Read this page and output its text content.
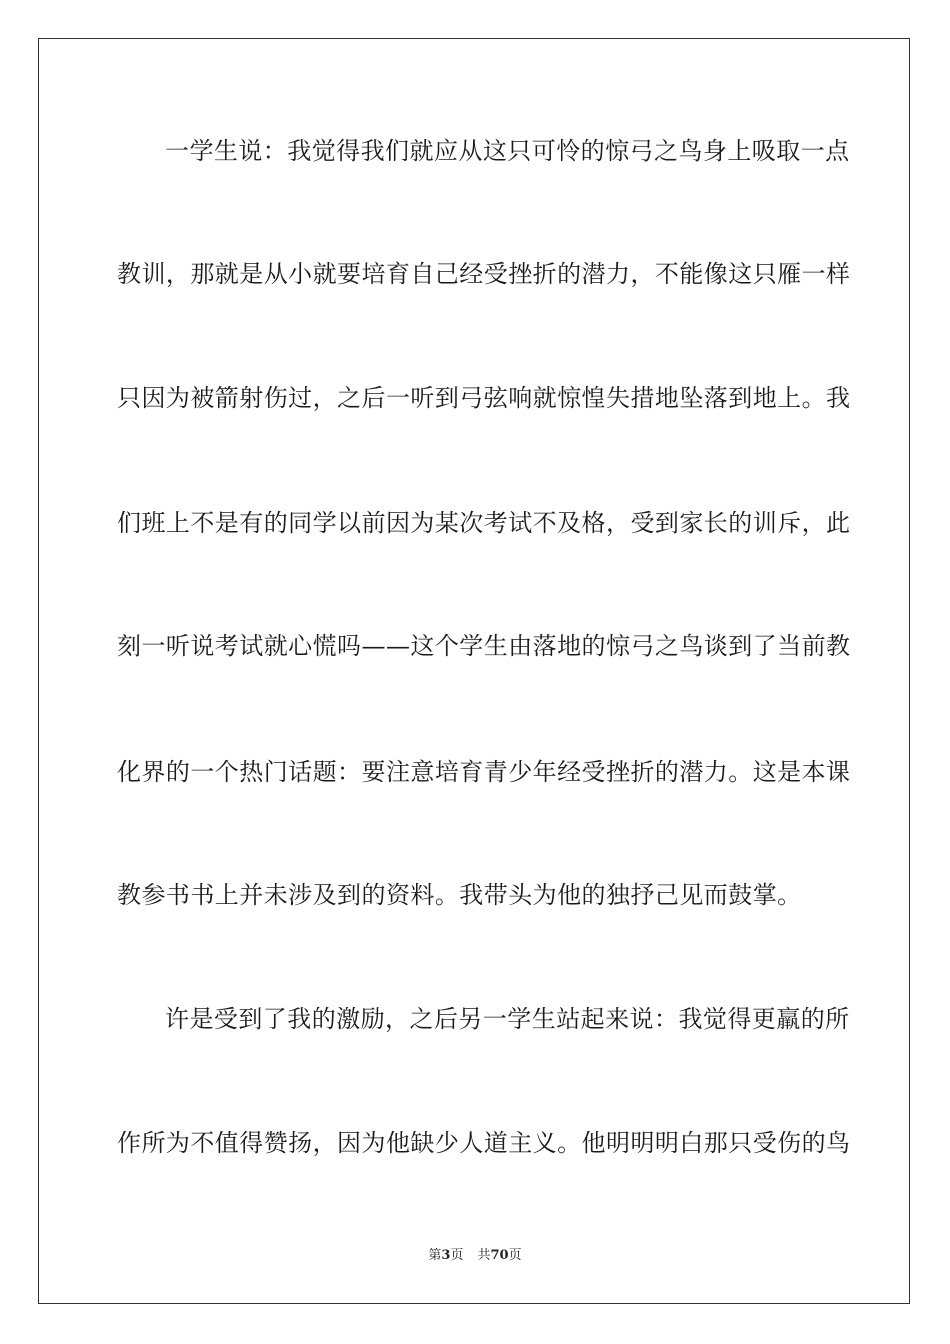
一学生说：我觉得我们就应从这只可怜的惊弓之鸟身上吸取一点

教训，那就是从小就要培育自己经受挫折的潜力，不能像这只雁一样

只因为被箭射伤过，之后一听到弓弦响就惊惶失措地坠落到地上。我

们班上不是有的同学以前因为某次考试不及格，受到家长的训斥，此

刻一听说考试就心慌吗——这个学生由落地的惊弓之鸟谈到了当前教

化界的一个热门话题：要注意培育青少年经受挫折的潜力。这是本课

教参书书上并未涉及到的资料。我带头为他的独抒己见而鼓掌。

许是受到了我的激励，之后另一学生站起来说：我觉得更羸的所

作所为不值得赞扬，因为他缺少人道主义。他明明明白那只受伤的鸟

第3页 共70页
